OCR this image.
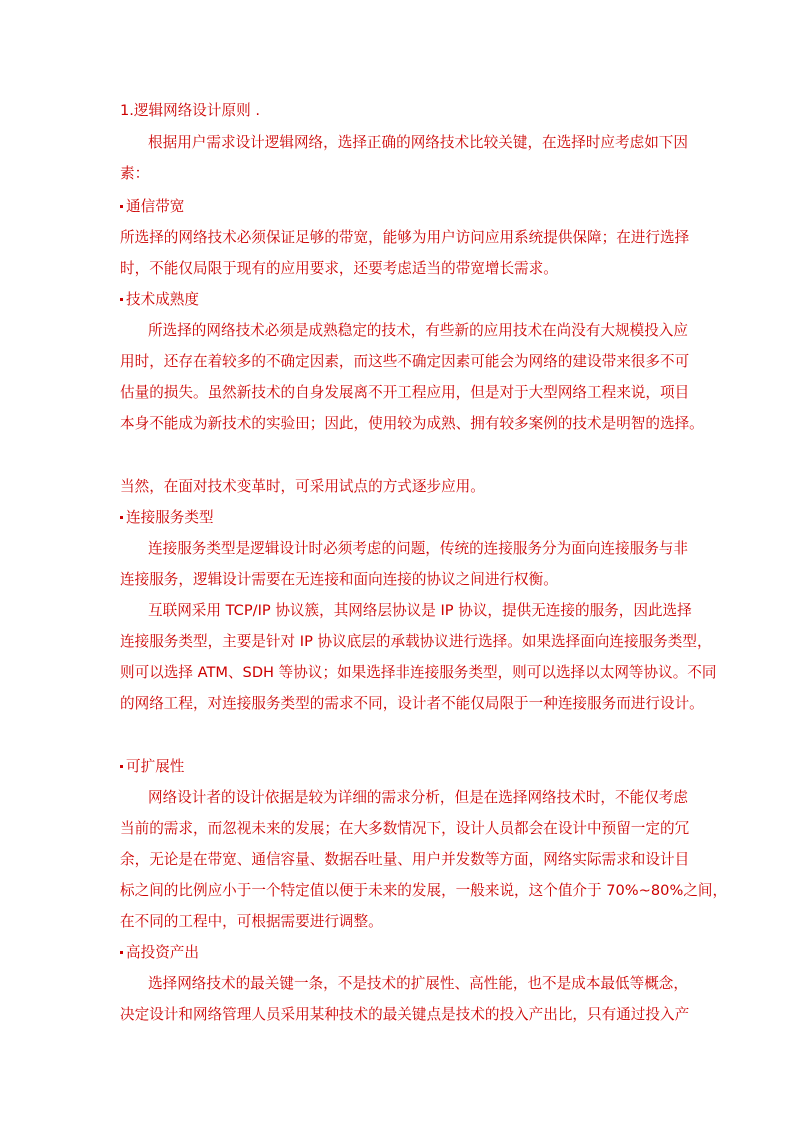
1.逻辑网络设计原则 .
根据用户需求设计逻辑网络，选择正确的网络技术比较关键，在选择时应考虑如下因
素：
通信带宽
所选择的网络技术必须保证足够的带宽，能够为用户访问应用系统提供保障；在进行选择
时，不能仅局限于现有的应用要求，还要考虑适当的带宽增长需求。
技术成熟度
所选择的网络技术必须是成熟稳定的技术，有些新的应用技术在尚没有大规模投入应
用时，还存在着较多的不确定因素，而这些不确定因素可能会为网络的建设带来很多不可
估量的损失。虽然新技术的自身发展离不开工程应用，但是对于大型网络工程来说，项目
本身不能成为新技术的实验田；因此，使用较为成熟、拥有较多案例的技术是明智的选择。
当然，在面对技术变革时，可采用试点的方式逐步应用。
连接服务类型
连接服务类型是逻辑设计时必须考虑的问题，传统的连接服务分为面向连接服务与非
连接服务，逻辑设计需要在无连接和面向连接的协议之间进行权衡。
互联网采用 TCP/IP 协议簇，其网络层协议是 IP 协议，提供无连接的服务，因此选择
连接服务类型，主要是针对 IP 协议底层的承载协议进行选择。如果选择面向连接服务类型，
则可以选择 ATM、SDH 等协议；如果选择非连接服务类型，则可以选择以太网等协议。不同
的网络工程，对连接服务类型的需求不同，设计者不能仅局限于一种连接服务而进行设计。
可扩展性
网络设计者的设计依据是较为详细的需求分析，但是在选择网络技术时，不能仅考虑
当前的需求，而忽视未来的发展；在大多数情况下，设计人员都会在设计中预留一定的冗
余，无论是在带宽、通信容量、数据吞吐量、用户并发数等方面，网络实际需求和设计目
标之间的比例应小于一个特定值以便于未来的发展，一般来说，这个值介于 70%~80%之间，
在不同的工程中，可根据需要进行调整。
高投资产出
选择网络技术的最关键一条，不是技术的扩展性、高性能，也不是成本最低等概念，
决定设计和网络管理人员采用某种技术的最关键点是技术的投入产出比，只有通过投入产
